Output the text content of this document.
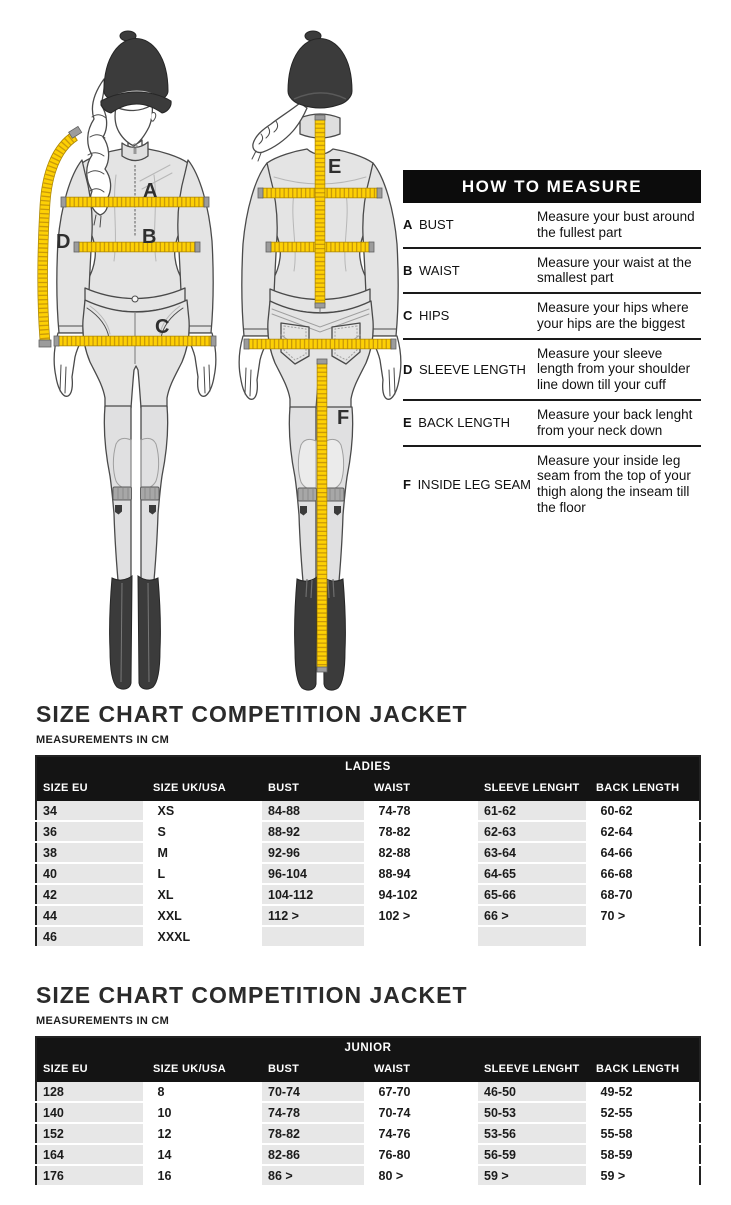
A
B
C
D
E
F
HOW TO MEASURE
A BUST
Measure your bust around the fullest part
B WAIST
Measure your waist at the smallest part
C HIPS
Measure your hips where your hips are the biggest
D SLEEVE LENGTH
Measure your sleeve length from your shoulder line down till your cuff
E BACK LENGTH
Measure your back lenght from your neck down
F INSIDE LEG SEAM
Measure your inside leg seam from the top of your thigh along the inseam till the floor
SIZE CHART COMPETITION JACKET
MEASUREMENTS IN CM
LADIES					
SIZE EU	SIZE UK/USA	BUST	WAIST	SLEEVE LENGHT	BACK LENGTH
34	XS	84-88	74-78	61-62	60-62
36	S	88-92	78-82	62-63	62-64
38	M	92-96	82-88	63-64	64-66
40	L	96-104	88-94	64-65	66-68
42	XL	104-112	94-102	65-66	68-70
44	XXL	112 >	102 >	66 >	70 >
46	XXXL				
SIZE CHART COMPETITION JACKET
MEASUREMENTS IN CM
JUNIOR					
SIZE EU	SIZE UK/USA	BUST	WAIST	SLEEVE LENGHT	BACK LENGTH
128	8	70-74	67-70	46-50	49-52
140	10	74-78	70-74	50-53	52-55
152	12	78-82	74-76	53-56	55-58
164	14	82-86	76-80	56-59	58-59
176	16	86 >	80 >	59 >	59 >
